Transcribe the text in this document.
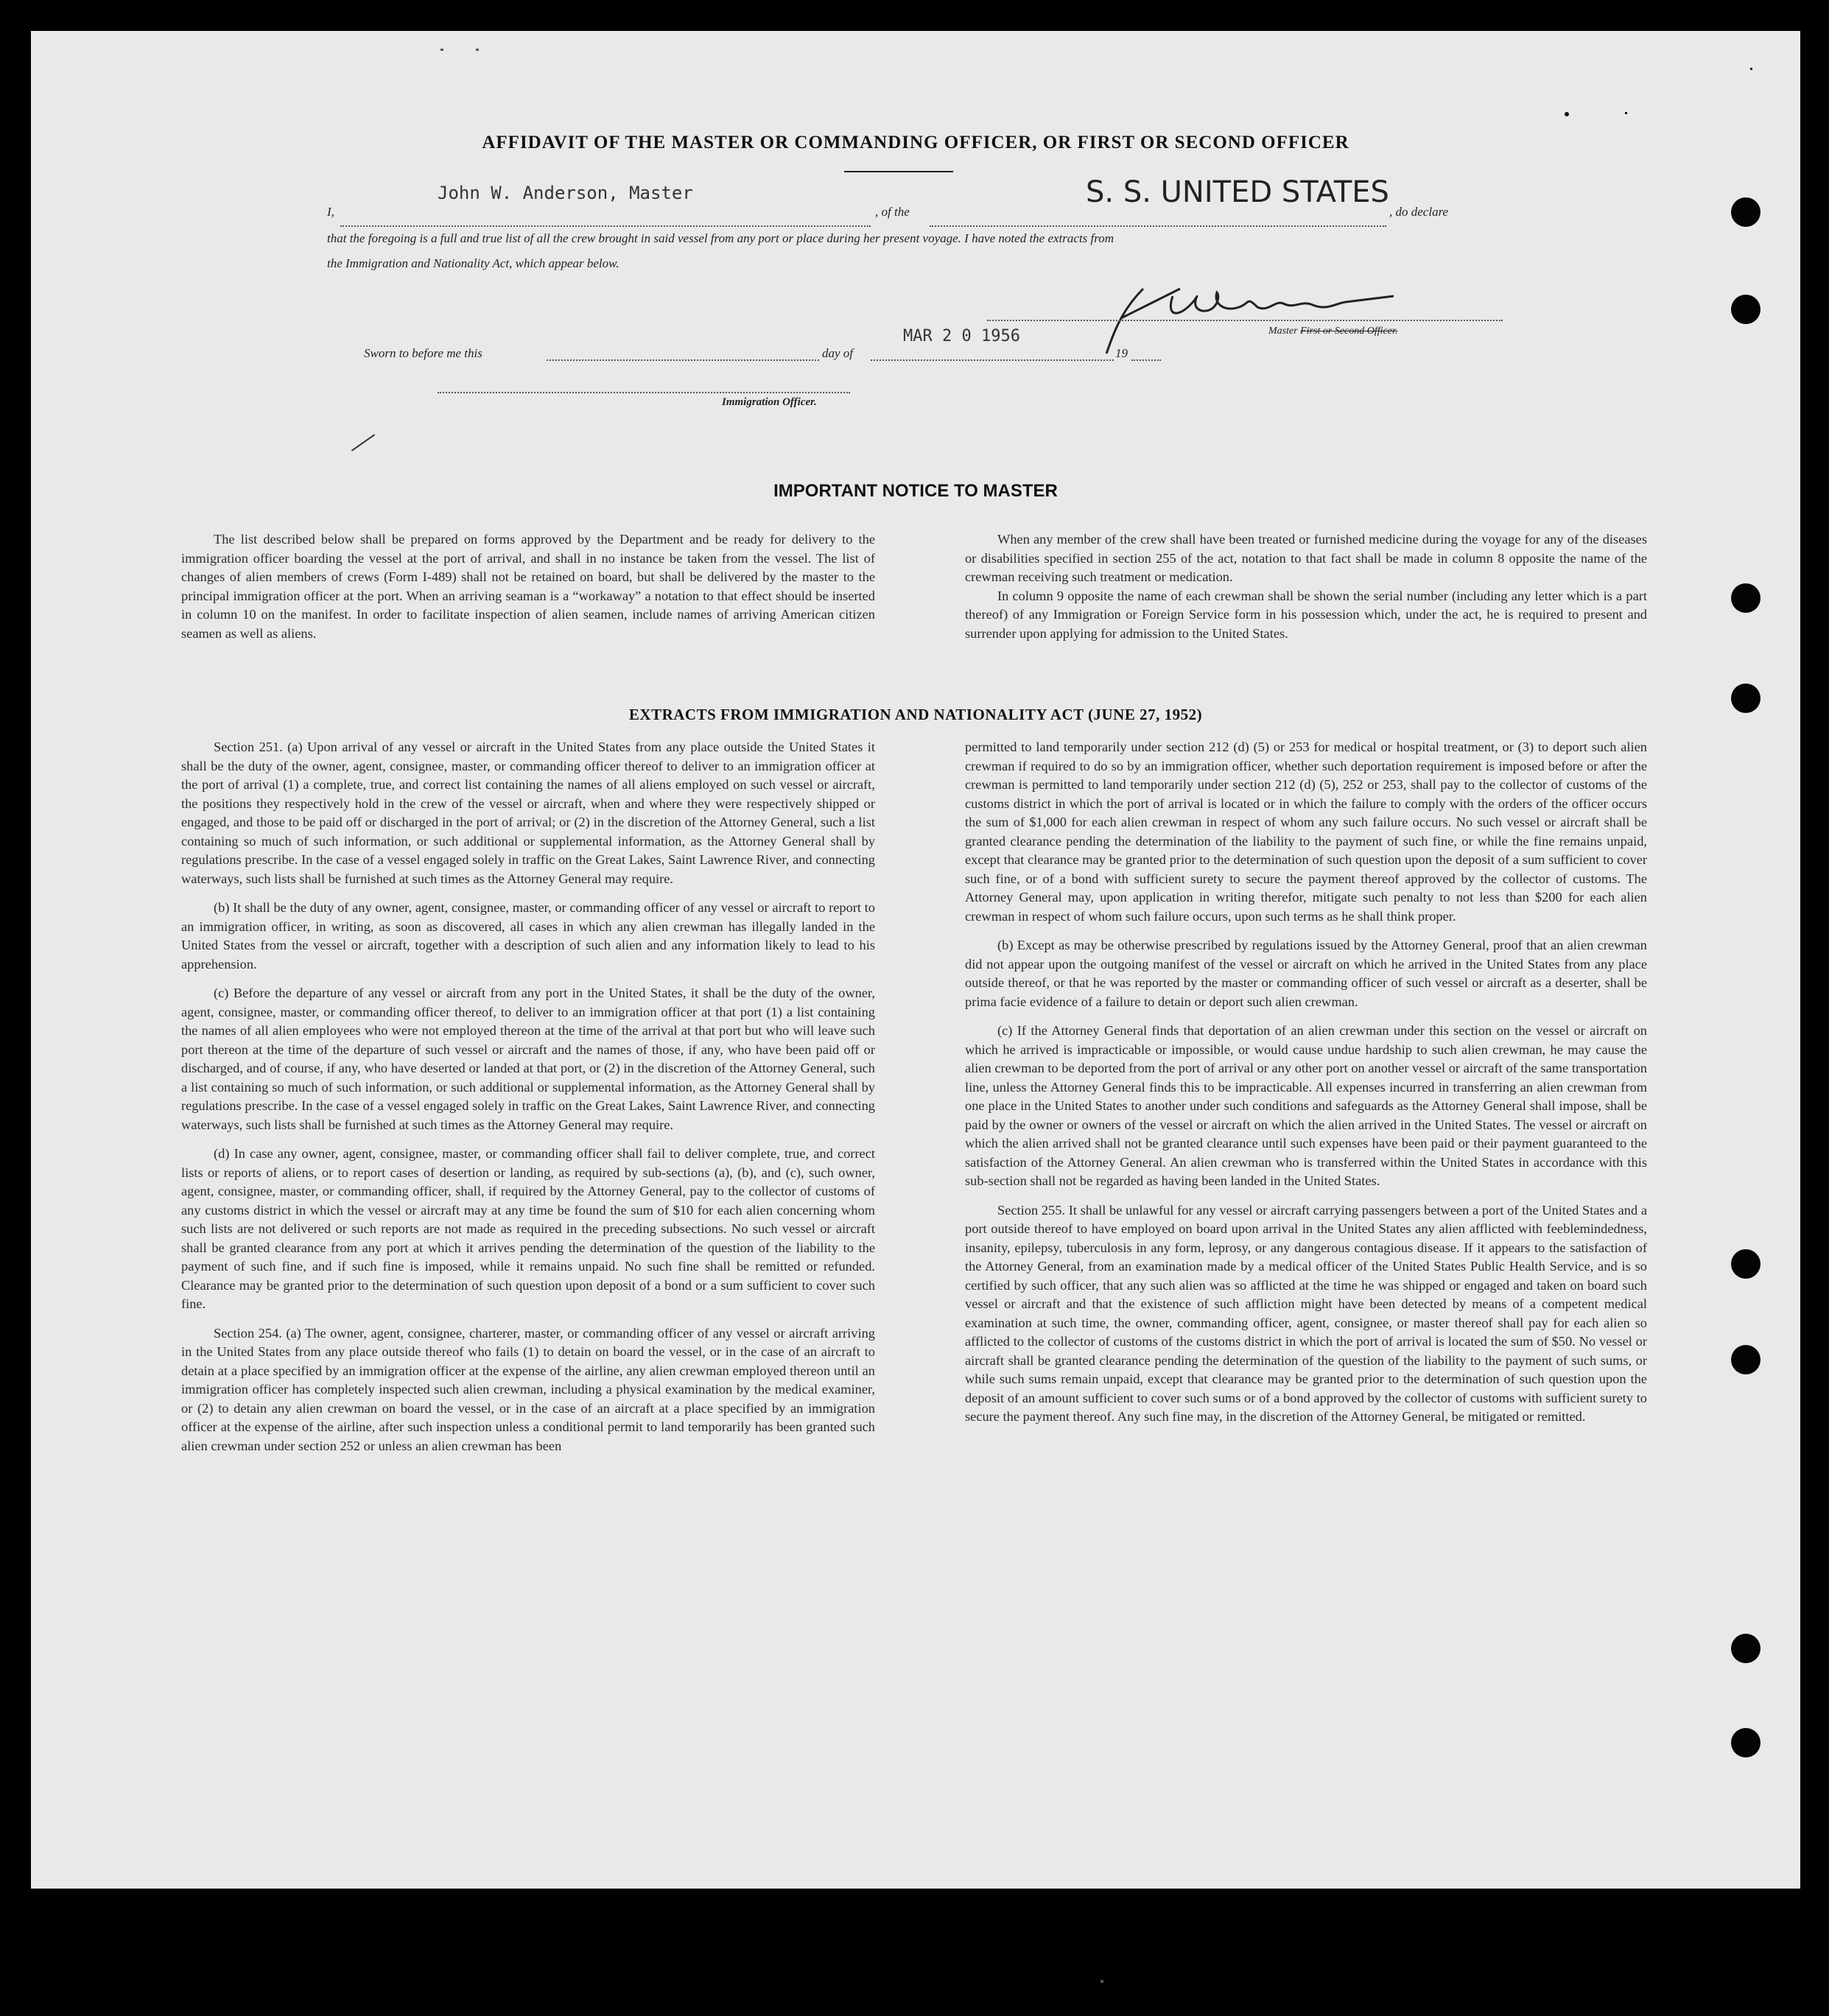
AFFIDAVIT OF THE MASTER OR COMMANDING OFFICER, OR FIRST OR SECOND OFFICER
I,
John W. Anderson, Master
, of the
S. S. UNITED STATES
, do declare
that the foregoing is a full and true list of all the crew brought in said vessel from any port or place during her present voyage. I have noted the extracts from
the Immigration and Nationality Act, which appear below.
Master First or Second Officer.
Sworn to before me this	day of
MAR 2 0 1956
19
Immigration Officer.
IMPORTANT NOTICE TO MASTER

The list described below shall be prepared on forms approved by the Department and be ready for delivery to the immigration officer boarding the vessel at the port of arrival, and shall in no instance be taken from the vessel. The list of changes of alien members of crews (Form I-489) shall not be retained on board, but shall be delivered by the master to the principal immigration officer at the port. When an arriving seaman is a “workaway” a notation to that effect should be inserted in column 10 on the manifest. In order to facilitate inspection of alien seamen, include names of arriving American citizen seamen as well as aliens.

When any member of the crew shall have been treated or furnished medicine during the voyage for any of the diseases or disabilities specified in section 255 of the act, notation to that fact shall be made in column 8 opposite the name of the crewman receiving such treatment or medication.

In column 9 opposite the name of each crewman shall be shown the serial number (including any letter which is a part thereof) of any Immigration or Foreign Service form in his possession which, under the act, he is required to present and surrender upon applying for admission to the United States.

EXTRACTS FROM IMMIGRATION AND NATIONALITY ACT (JUNE 27, 1952)

Section 251. (a) Upon arrival of any vessel or aircraft in the United States from any place outside the United States it shall be the duty of the owner, agent, consignee, master, or commanding officer thereof to deliver to an immigration officer at the port of arrival (1) a complete, true, and correct list containing the names of all aliens employed on such vessel or aircraft, the positions they respectively hold in the crew of the vessel or aircraft, when and where they were respectively shipped or engaged, and those to be paid off or discharged in the port of arrival; or (2) in the discretion of the Attorney General, such a list containing so much of such information, or such additional or supplemental information, as the Attorney General shall by regulations prescribe. In the case of a vessel engaged solely in traffic on the Great Lakes, Saint Lawrence River, and connecting waterways, such lists shall be furnished at such times as the Attorney General may require.

(b) It shall be the duty of any owner, agent, consignee, master, or commanding officer of any vessel or aircraft to report to an immigration officer, in writing, as soon as discovered, all cases in which any alien crewman has illegally landed in the United States from the vessel or aircraft, together with a description of such alien and any information likely to lead to his apprehension.

(c) Before the departure of any vessel or aircraft from any port in the United States, it shall be the duty of the owner, agent, consignee, master, or commanding officer thereof, to deliver to an immigration officer at that port (1) a list containing the names of all alien employees who were not employed thereon at the time of the arrival at that port but who will leave such port thereon at the time of the departure of such vessel or aircraft and the names of those, if any, who have been paid off or discharged, and of course, if any, who have deserted or landed at that port, or (2) in the discretion of the Attorney General, such a list containing so much of such information, or such additional or supplemental information, as the Attorney General shall by regulations prescribe. In the case of a vessel engaged solely in traffic on the Great Lakes, Saint Lawrence River, and connecting waterways, such lists shall be furnished at such times as the Attorney General may require.

(d) In case any owner, agent, consignee, master, or commanding officer shall fail to deliver complete, true, and correct lists or reports of aliens, or to report cases of desertion or landing, as required by sub-sections (a), (b), and (c), such owner, agent, consignee, master, or commanding officer, shall, if required by the Attorney General, pay to the collector of customs of any customs district in which the vessel or aircraft may at any time be found the sum of $10 for each alien concerning whom such lists are not delivered or such reports are not made as required in the preceding subsections. No such vessel or aircraft shall be granted clearance from any port at which it arrives pending the determination of the question of the liability to the payment of such fine, and if such fine is imposed, while it remains unpaid. No such fine shall be remitted or refunded. Clearance may be granted prior to the determination of such question upon deposit of a bond or a sum sufficient to cover such fine.

Section 254. (a) The owner, agent, consignee, charterer, master, or commanding officer of any vessel or aircraft arriving in the United States from any place outside thereof who fails (1) to detain on board the vessel, or in the case of an aircraft to detain at a place specified by an immigration officer at the expense of the airline, any alien crewman employed thereon until an immigration officer has completely inspected such alien crewman, including a physical examination by the medical examiner, or (2) to detain any alien crewman on board the vessel, or in the case of an aircraft at a place specified by an immigration officer at the expense of the airline, after such inspection unless a conditional permit to land temporarily has been granted such alien crewman under section 252 or unless an alien crewman has been

permitted to land temporarily under section 212 (d) (5) or 253 for medical or hospital treatment, or (3) to deport such alien crewman if required to do so by an immigration officer, whether such deportation requirement is imposed before or after the crewman is permitted to land temporarily under section 212 (d) (5), 252 or 253, shall pay to the collector of customs of the customs district in which the port of arrival is located or in which the failure to comply with the orders of the officer occurs the sum of $1,000 for each alien crewman in respect of whom any such failure occurs. No such vessel or aircraft shall be granted clearance pending the determination of the liability to the payment of such fine, or while the fine remains unpaid, except that clearance may be granted prior to the determination of such question upon the deposit of a sum sufficient to cover such fine, or of a bond with sufficient surety to secure the payment thereof approved by the collector of customs. The Attorney General may, upon application in writing therefor, mitigate such penalty to not less than $200 for each alien crewman in respect of whom such failure occurs, upon such terms as he shall think proper.

(b) Except as may be otherwise prescribed by regulations issued by the Attorney General, proof that an alien crewman did not appear upon the outgoing manifest of the vessel or aircraft on which he arrived in the United States from any place outside thereof, or that he was reported by the master or commanding officer of such vessel or aircraft as a deserter, shall be prima facie evidence of a failure to detain or deport such alien crewman.

(c) If the Attorney General finds that deportation of an alien crewman under this section on the vessel or aircraft on which he arrived is impracticable or impossible, or would cause undue hardship to such alien crewman, he may cause the alien crewman to be deported from the port of arrival or any other port on another vessel or aircraft of the same transportation line, unless the Attorney General finds this to be impracticable. All expenses incurred in transferring an alien crewman from one place in the United States to another under such conditions and safeguards as the Attorney General shall impose, shall be paid by the owner or owners of the vessel or aircraft on which the alien arrived in the United States. The vessel or aircraft on which the alien arrived shall not be granted clearance until such expenses have been paid or their payment guaranteed to the satisfaction of the Attorney General. An alien crewman who is transferred within the United States in accordance with this sub-section shall not be regarded as having been landed in the United States.

Section 255. It shall be unlawful for any vessel or aircraft carrying passengers between a port of the United States and a port outside thereof to have employed on board upon arrival in the United States any alien afflicted with feeblemindedness, insanity, epilepsy, tuberculosis in any form, leprosy, or any dangerous contagious disease. If it appears to the satisfaction of the Attorney General, from an examination made by a medical officer of the United States Public Health Service, and is so certified by such officer, that any such alien was so afflicted at the time he was shipped or engaged and taken on board such vessel or aircraft and that the existence of such affliction might have been detected by means of a competent medical examination at such time, the owner, commanding officer, agent, consignee, or master thereof shall pay for each alien so afflicted to the collector of customs of the customs district in which the port of arrival is located the sum of $50. No vessel or aircraft shall be granted clearance pending the determination of the question of the liability to the payment of such sums, or while such sums remain unpaid, except that clearance may be granted prior to the determination of such question upon the deposit of an amount sufficient to cover such sums or of a bond approved by the collector of customs with sufficient surety to secure the payment thereof. Any such fine may, in the discretion of the Attorney General, be mitigated or remitted.
